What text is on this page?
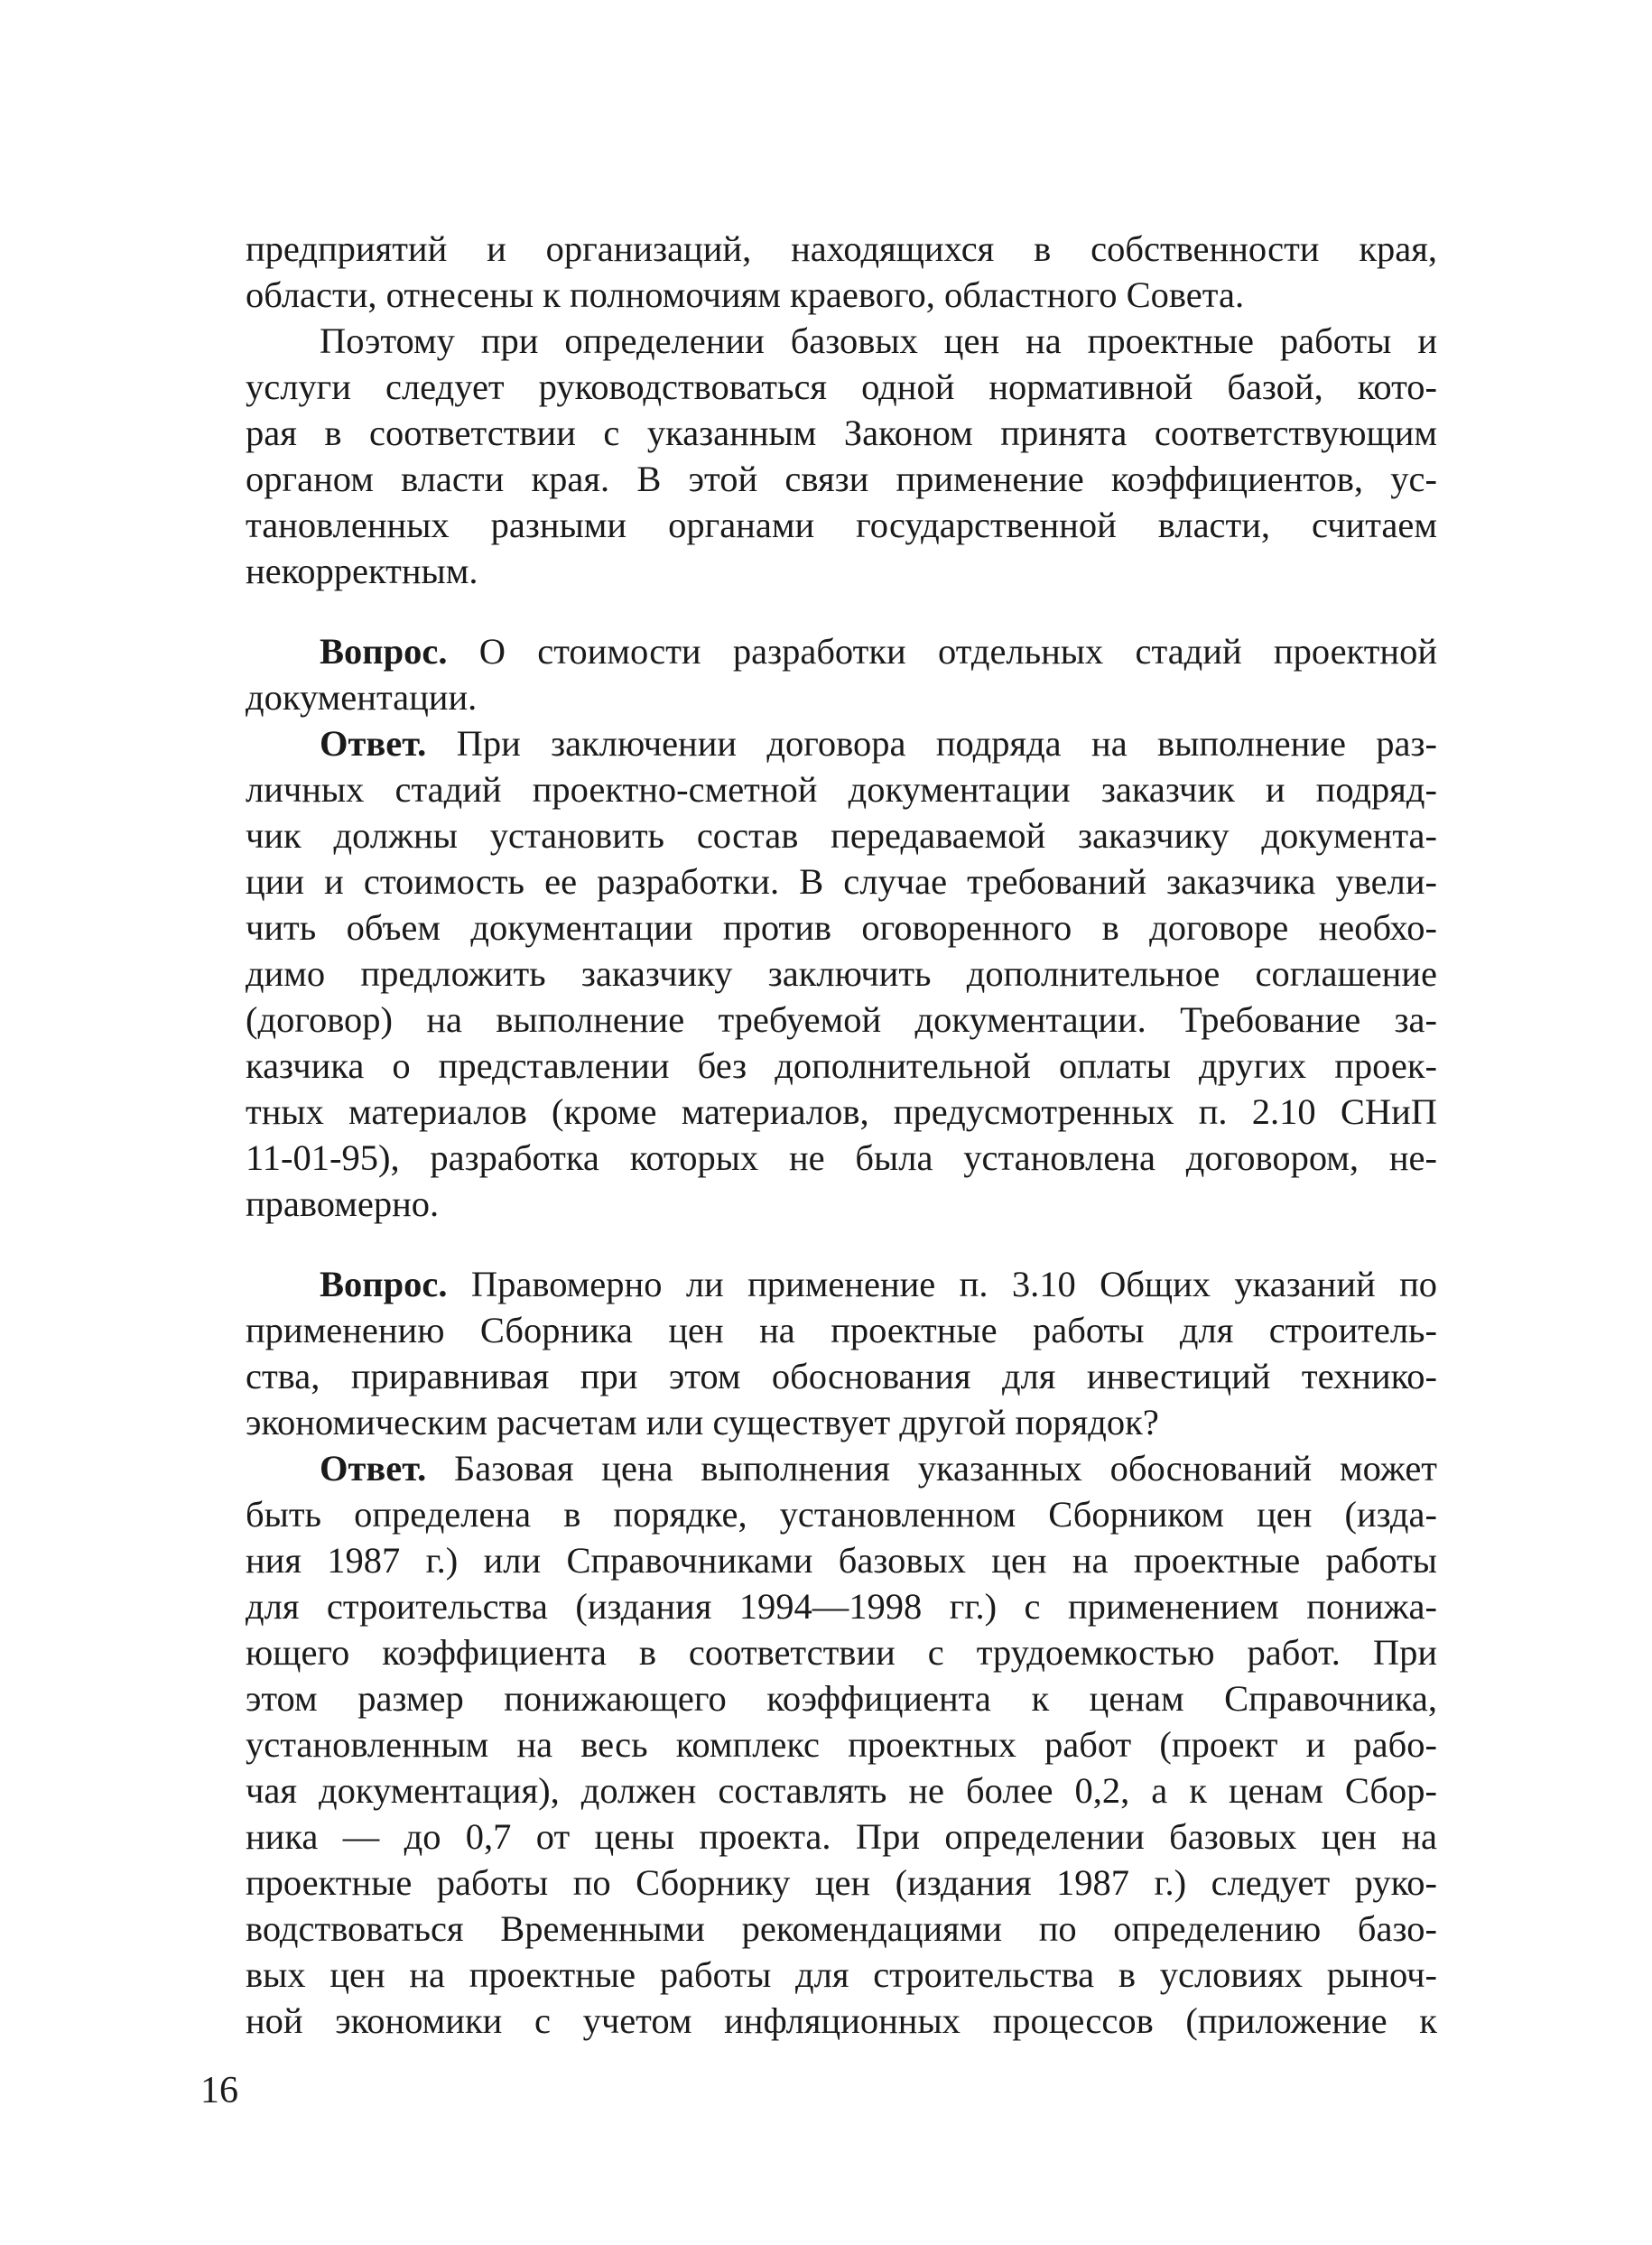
предприятий и организаций, находящихся в собственности края,
области, отнесены к полномочиям краевого, областного Совета.
Поэтому при определении базовых цен на проектные работы и
услуги следует руководствоваться одной нормативной базой, кото-
рая в соответствии с указанным Законом принята соответствующим
органом власти края. В этой связи применение коэффициентов, ус-
тановленных разными органами государственной власти, считаем
некорректным.
Вопрос. О стоимости разработки отдельных стадий проектной
документации.
Ответ. При заключении договора подряда на выполнение раз-
личных стадий проектно-сметной документации заказчик и подряд-
чик должны установить состав передаваемой заказчику документа-
ции и стоимость ее разработки. В случае требований заказчика увели-
чить объем документации против оговоренного в договоре необхо-
димо предложить заказчику заключить дополнительное соглашение
(договор) на выполнение требуемой документации. Требование за-
казчика о представлении без дополнительной оплаты других проек-
тных материалов (кроме материалов, предусмотренных п. 2.10 СНиП
11-01-95), разработка которых не была установлена договором, не-
правомерно.
Вопрос. Правомерно ли применение п. 3.10 Общих указаний по
применению Сборника цен на проектные работы для строитель-
ства, приравнивая при этом обоснования для инвестиций технико-
экономическим расчетам или существует другой порядок?
Ответ. Базовая цена выполнения указанных обоснований может
быть определена в порядке, установленном Сборником цен (изда-
ния 1987 г.) или Справочниками базовых цен на проектные работы
для строительства (издания 1994—1998 гг.) с применением понижа-
ющего коэффициента в соответствии с трудоемкостью работ. При
этом размер понижающего коэффициента к ценам Справочника,
установленным на весь комплекс проектных работ (проект и рабо-
чая документация), должен составлять не более 0,2, а к ценам Сбор-
ника — до 0,7 от цены проекта. При определении базовых цен на
проектные работы по Сборнику цен (издания 1987 г.) следует руко-
водствоваться Временными рекомендациями по определению базо-
вых цен на проектные работы для строительства в условиях рыноч-
ной экономики с учетом инфляционных процессов (приложение к
16
